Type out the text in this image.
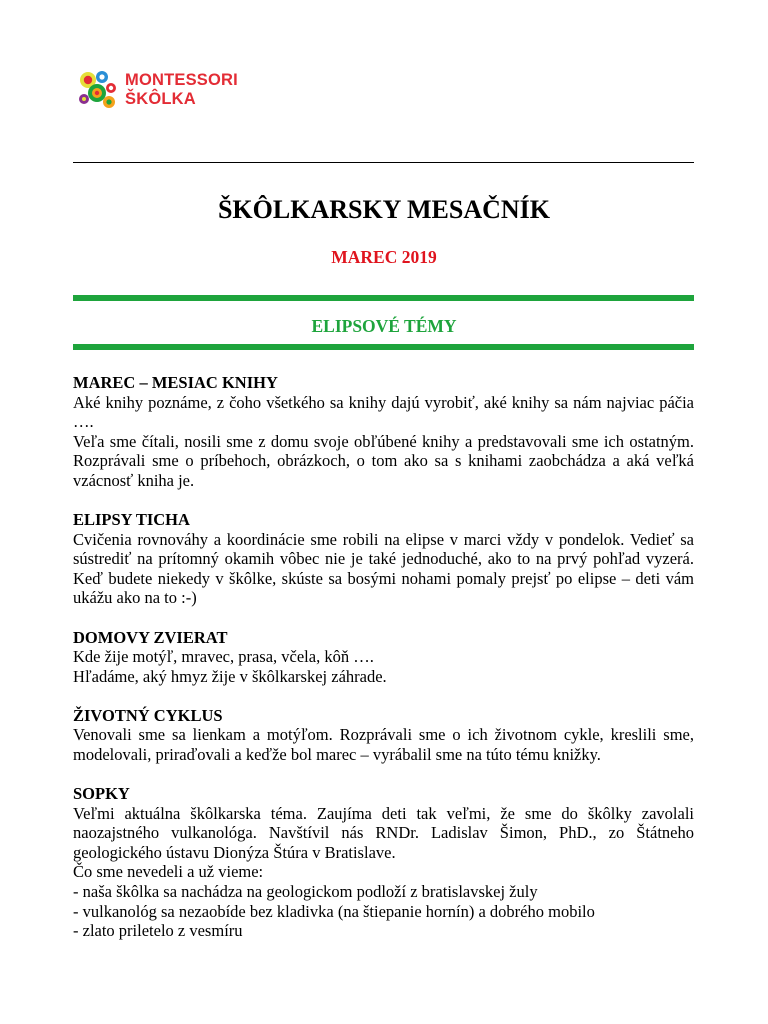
MONTESSORI
ŠKÔLKA
ŠKÔLKARSKY MESAČNÍK
MAREC 2019
ELIPSOVÉ TÉMY
MAREC – MESIAC KNIHY

Aké knihy poznáme, z čoho všetkého sa knihy dajú vyrobiť, aké knihy sa nám najviac páčia ….

Veľa sme čítali, nosili sme z domu svoje obľúbené knihy a predstavovali sme ich ostatným. Rozprávali sme o príbehoch, obrázkoch, o tom ako sa s knihami zaobchádza a aká veľká vzácnosť kniha je.

ELIPSY TICHA

Cvičenia rovnováhy a koordinácie sme robili na elipse v marci vždy v pondelok. Vedieť sa sústrediť na prítomný okamih vôbec nie je také jednoduché, ako to na prvý pohľad vyzerá. Keď budete niekedy v škôlke, skúste sa bosými nohami pomaly prejsť po elipse – deti vám ukážu ako na to :-)

DOMOVY ZVIERAT

Kde žije motýľ, mravec, prasa, včela, kôň ….

Hľadáme, aký hmyz žije v škôlkarskej záhrade.

ŽIVOTNÝ CYKLUS

Venovali sme sa lienkam a motýľom. Rozprávali sme o ich životnom cykle, kreslili sme, modelovali, priraďovali a keďže bol marec – vyrábalil sme na túto tému knižky.

SOPKY

Veľmi aktuálna škôlkarska téma. Zaujíma deti tak veľmi, že sme do škôlky zavolali naozajstného vulkanológa. Navštívil nás RNDr. Ladislav Šimon, PhD., zo Štátneho geologického ústavu Dionýza Štúra v Bratislave.

Čo sme nevedeli a už vieme:

- naša škôlka sa nachádza na geologickom podloží z bratislavskej žuly
- vulkanológ sa nezaobíde bez kladivka (na štiepanie hornín) a dobrého mobilo
- zlato priletelo z vesmíru
